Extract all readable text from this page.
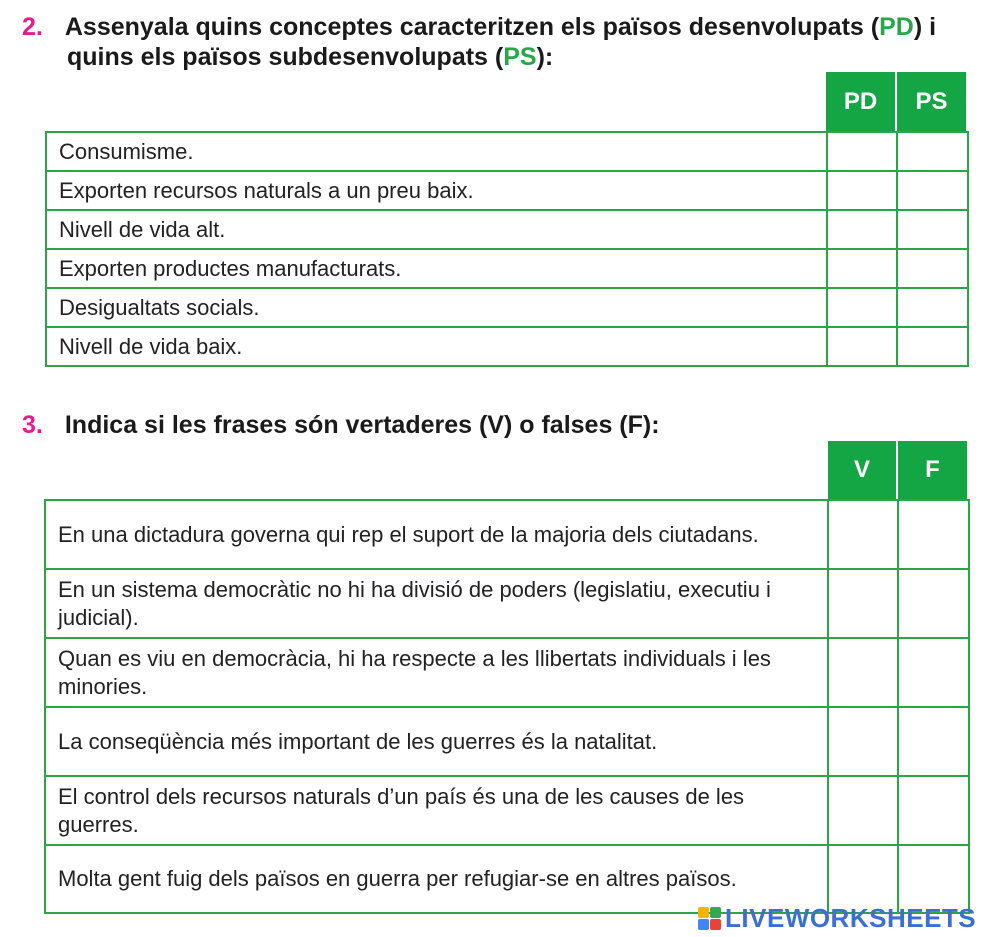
2. Assenyala quins conceptes caracteritzen els països desenvolupats (PD) i
quins els països subdesenvolupats (PS):
PD	PS
Consumisme.		
Exporten recursos naturals a un preu baix.		
Nivell de vida alt.		
Exporten productes manufacturats.		
Desigualtats socials.		
Nivell de vida baix.		
3. Indica si les frases són vertaderes (V) o falses (F):
V	F
En una dictadura governa qui rep el suport de la majoria dels ciutadans.		
En un sistema democràtic no hi ha divisió de poders (legislatiu, executiu i judicial).		
Quan es viu en democràcia, hi ha respecte a les llibertats individuals i les minories.		
La conseqüència més important de les guerres és la natalitat.		
El control dels recursos naturals d’un país és una de les causes de les guerres.		
Molta gent fuig dels països en guerra per refugiar-se en altres països.		
LIVEWORKSHEETS
